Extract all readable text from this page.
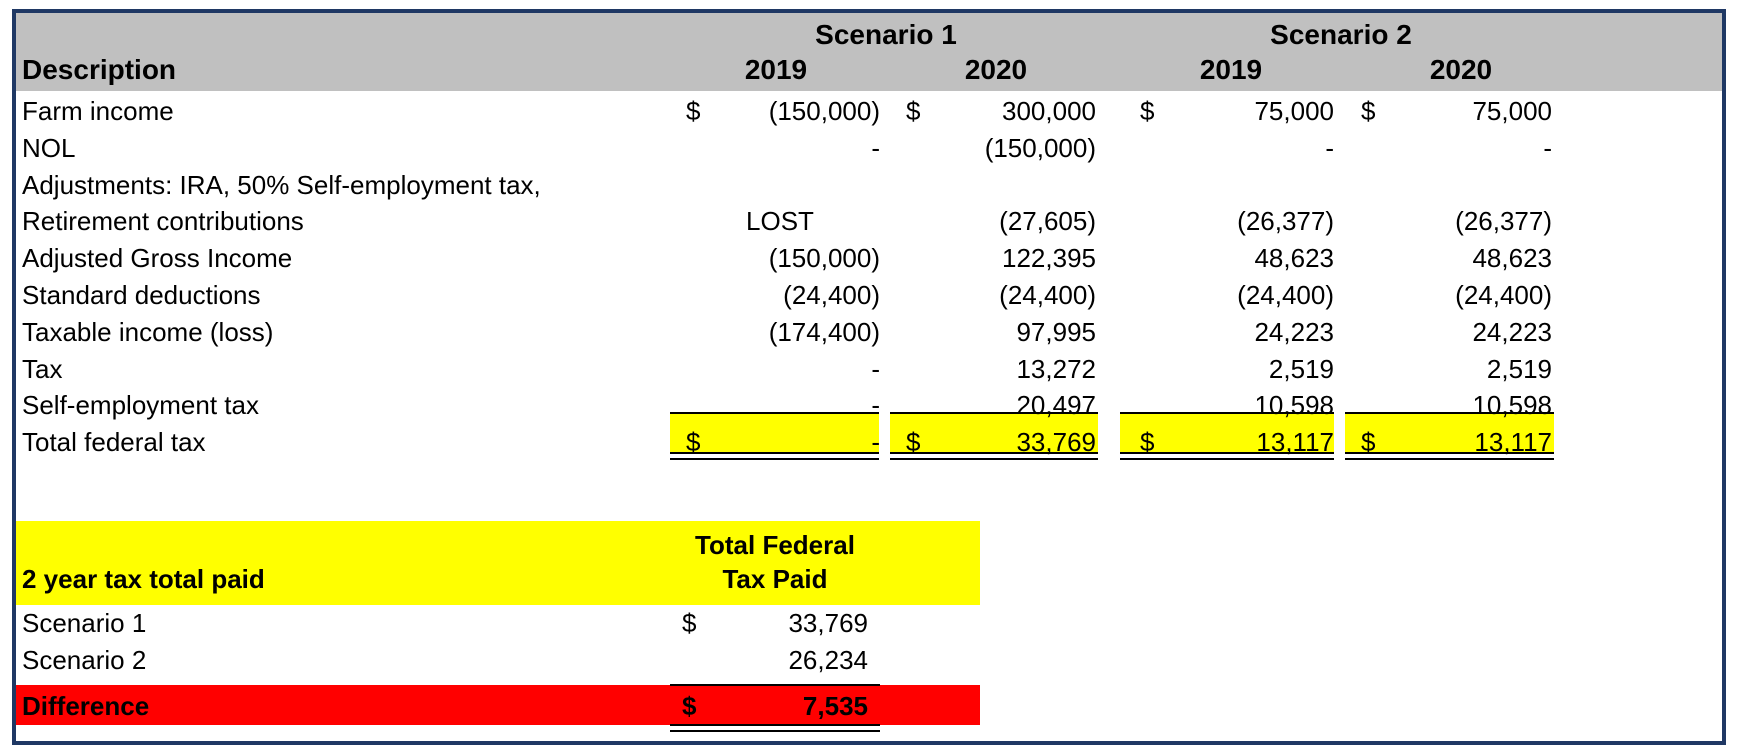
Scenario 1	Scenario 2
Description	2019	2020	2019	2020
Farm income	$	(150,000) $	300,000 $	75,000 $	75,000
NOL	-	(150,000)	-	-
Adjustments: IRA, 50% Self-employment tax,
Retirement contributions	LOST	(27,605)	(26,377)	(26,377)
Adjusted Gross Income	(150,000)	122,395	48,623	48,623
Standard deductions	(24,400)	(24,400)	(24,400)	(24,400)
Taxable income (loss)	(174,400)	97,995	24,223	24,223
Tax	-	13,272	2,519	2,519
Self-employment tax	-	20,497	10,598	10,598
Total federal tax	$	- $	33,769 $	13,117 $	13,117
2 year tax total paid
Total Federal
Tax Paid
Scenario 1	$	33,769
Scenario 2	26,234
Difference	$	7,535
